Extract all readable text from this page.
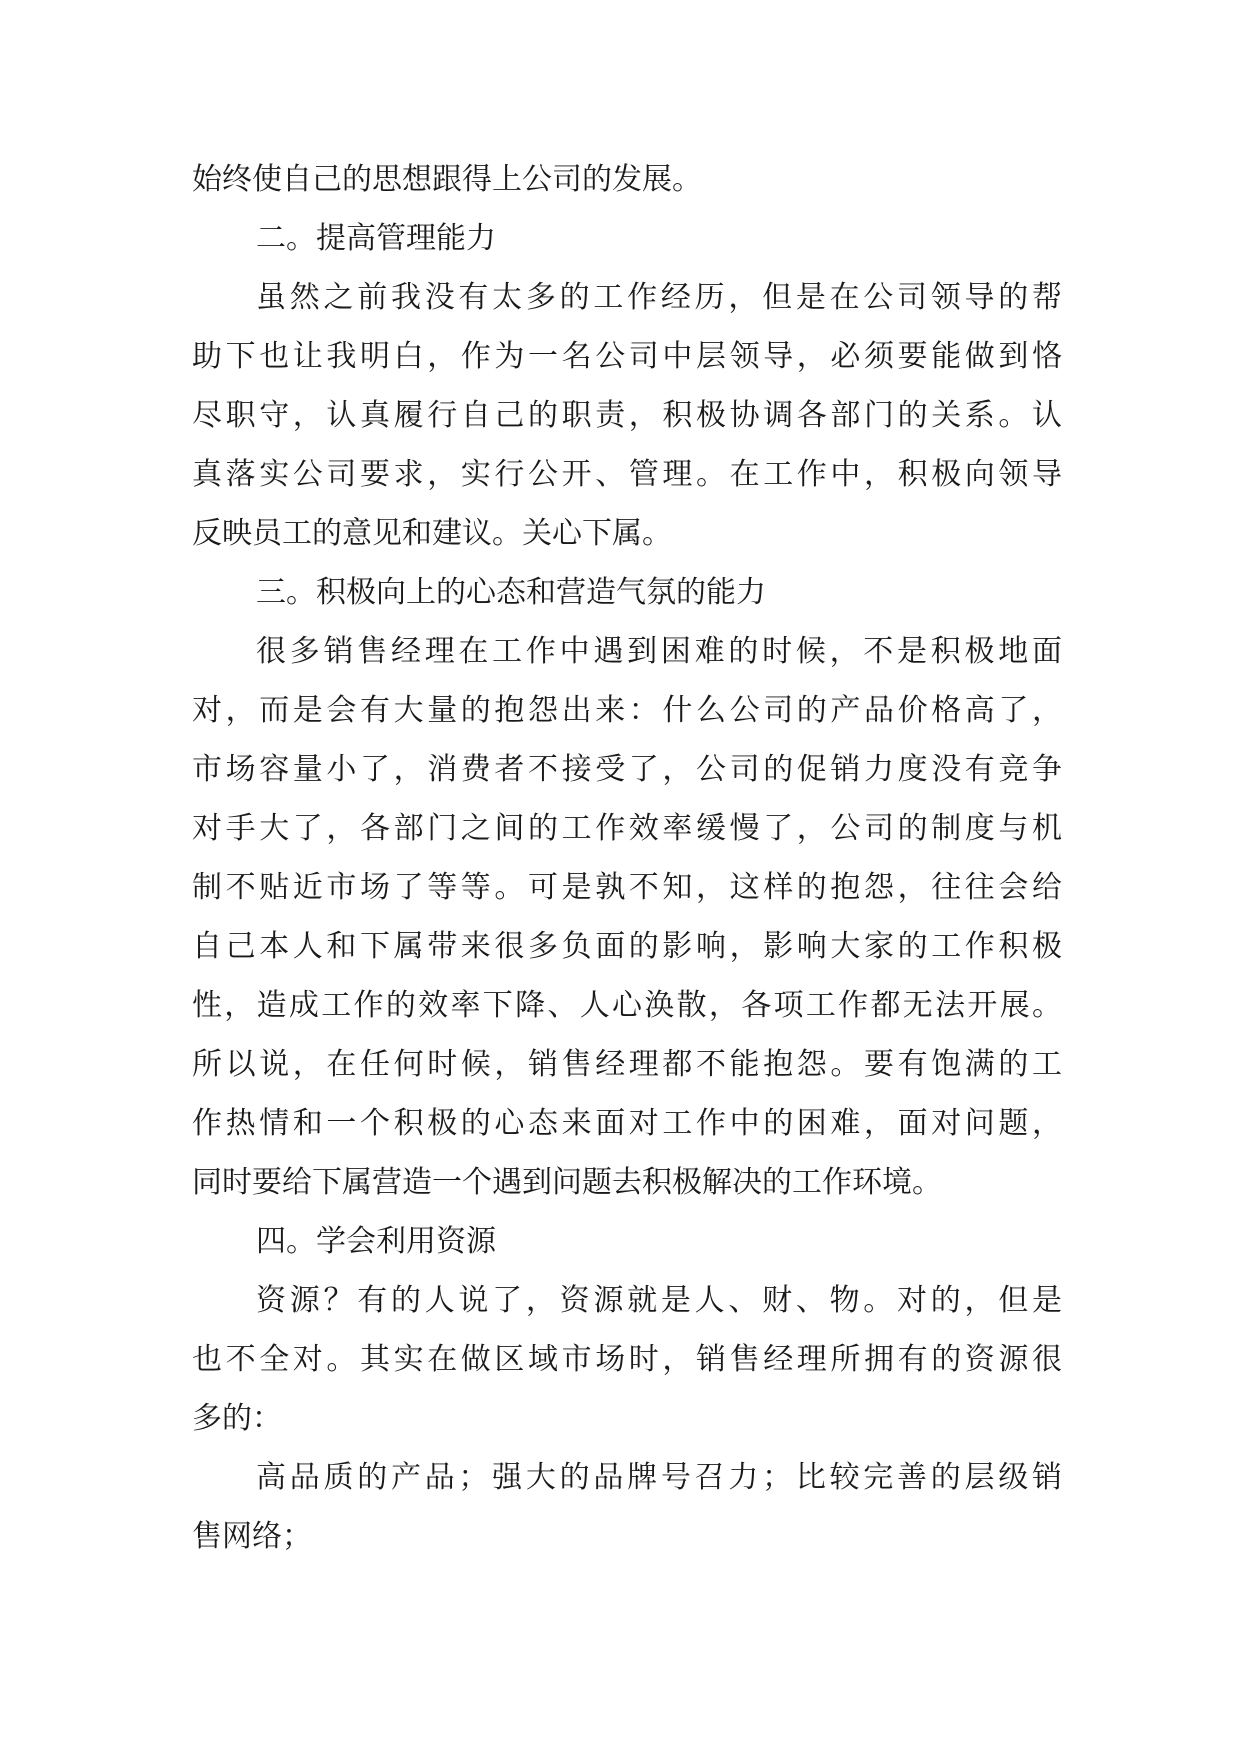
始终使自己的思想跟得上公司的发展。
二。提高管理能力
虽然之前我没有太多的工作经历，但是在公司领导的帮
助下也让我明白，作为一名公司中层领导，必须要能做到恪
尽职守，认真履行自己的职责，积极协调各部门的关系。认
真落实公司要求，实行公开、管理。在工作中，积极向领导
反映员工的意见和建议。关心下属。
三。积极向上的心态和营造气氛的能力
很多销售经理在工作中遇到困难的时候，不是积极地面
对，而是会有大量的抱怨出来：什么公司的产品价格高了，
市场容量小了，消费者不接受了，公司的促销力度没有竞争
对手大了，各部门之间的工作效率缓慢了，公司的制度与机
制不贴近市场了等等。可是孰不知，这样的抱怨，往往会给
自己本人和下属带来很多负面的影响，影响大家的工作积极
性，造成工作的效率下降、人心涣散，各项工作都无法开展。
所以说，在任何时候，销售经理都不能抱怨。要有饱满的工
作热情和一个积极的心态来面对工作中的困难，面对问题，
同时要给下属营造一个遇到问题去积极解决的工作环境。
四。学会利用资源
资源？有的人说了，资源就是人、财、物。对的，但是
也不全对。其实在做区域市场时，销售经理所拥有的资源很
多的：
高品质的产品；强大的品牌号召力；比较完善的层级销
售网络；
